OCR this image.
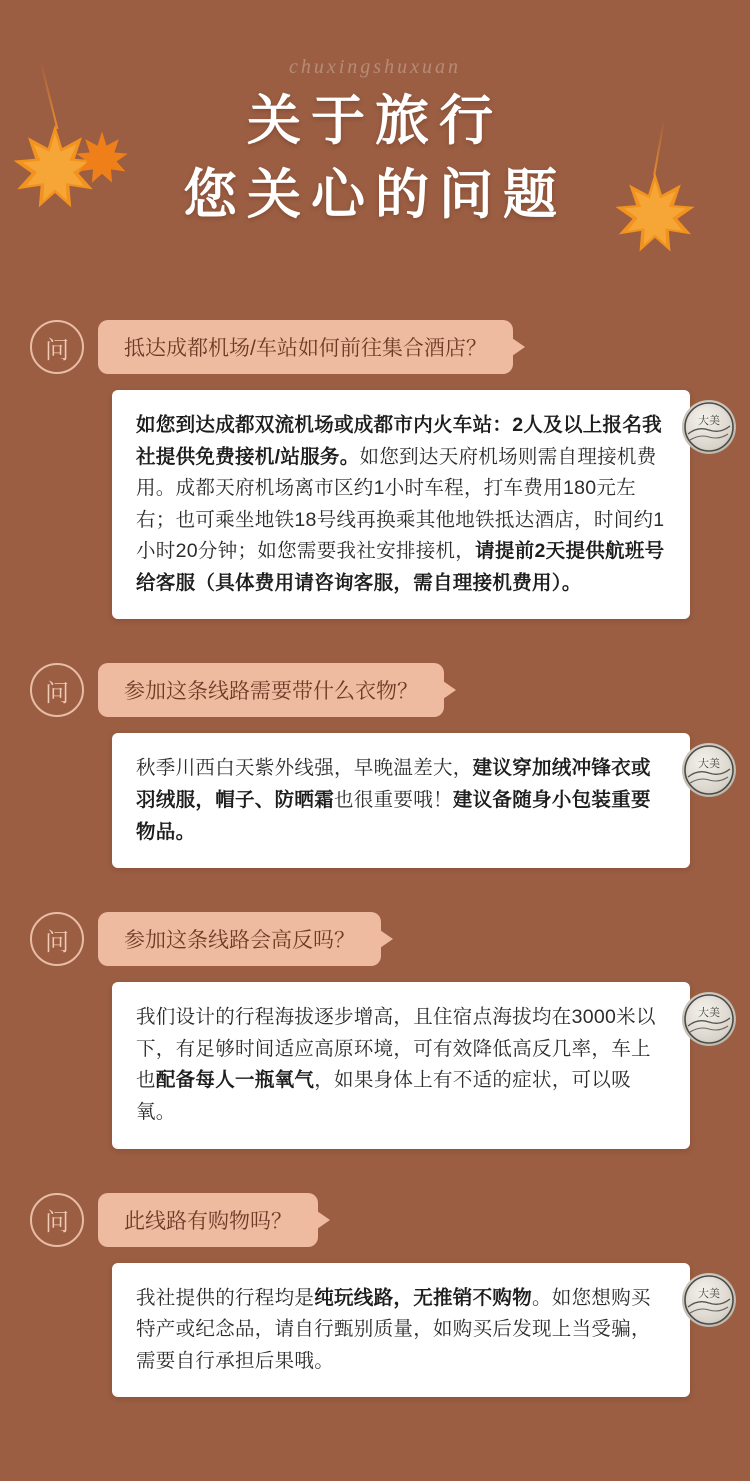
chuxingshuxuan
关于旅行
您关心的问题
问	抵达成都机场/车站如何前往集合酒店？
如您到达成都双流机场或成都市内火车站：2人及以上报名我社提供免费接机/站服务。如您到达天府机场则需自理接机费用。成都天府机场离市区约1小时车程，打车费用180元左右；也可乘坐地铁18号线再换乘其他地铁抵达酒店，时间约1小时20分钟；如您需要我社安排接机，请提前2天提供航班号给客服（具体费用请咨询客服，需自理接机费用）。
大美
问	参加这条线路需要带什么衣物？
秋季川西白天紫外线强，早晚温差大，建议穿加绒冲锋衣或羽绒服，帽子、防晒霜也很重要哦！建议备随身小包装重要物品。
大美
问	参加这条线路会高反吗？
我们设计的行程海拔逐步增高，且住宿点海拔均在3000米以下，有足够时间适应高原环境，可有效降低高反几率，车上也配备每人一瓶氧气，如果身体上有不适的症状，可以吸氧。
大美
问	此线路有购物吗？
我社提供的行程均是纯玩线路，无推销不购物。如您想购买特产或纪念品，请自行甄别质量，如购买后发现上当受骗，需要自行承担后果哦。
大美
